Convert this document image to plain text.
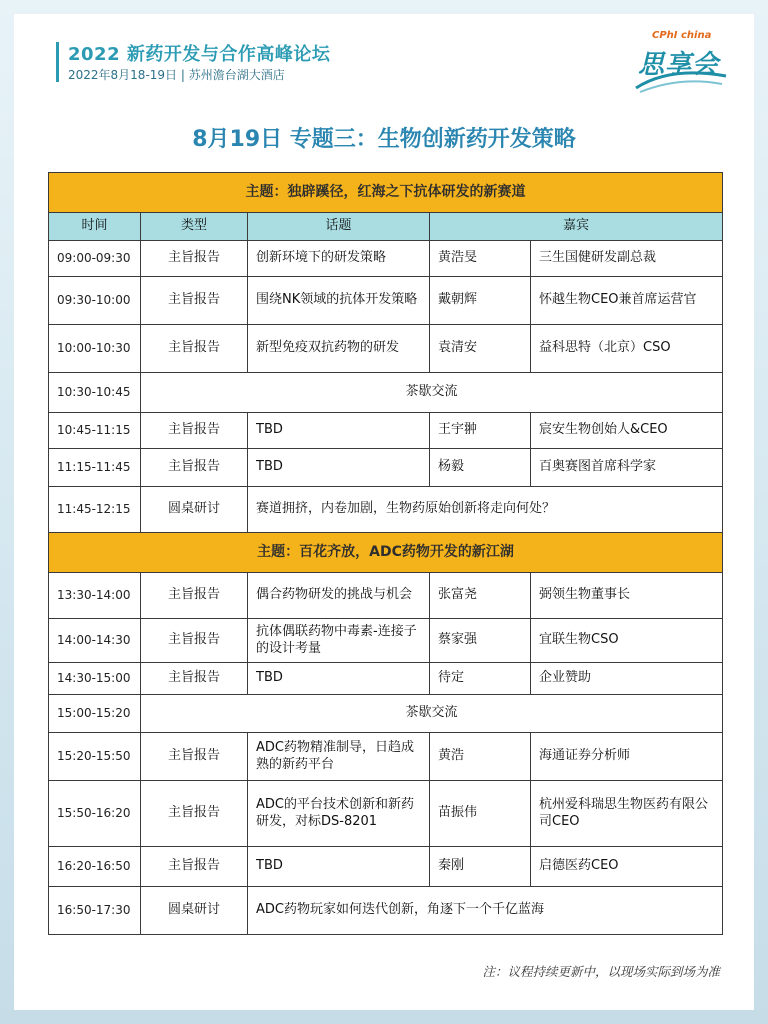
2022 新药开发与合作高峰论坛
2022年8月18-19日 | 苏州澹台湖大酒店
CPhI china
思享会
8月19日 专题三：生物创新药开发策略
主题：独辟蹊径，红海之下抗体研发的新赛道				
时间	类型	话题	嘉宾	
09:00-09:30	主旨报告	创新环境下的研发策略	黄浩旻	三生国健研发副总裁
09:30-10:00	主旨报告	围绕NK领域的抗体开发策略	戴朝辉	怀越生物CEO兼首席运营官
10:00-10:30	主旨报告	新型免疫双抗药物的研发	袁清安	益科思特（北京）CSO
10:30-10:45	茶歇交流			
10:45-11:15	主旨报告	TBD	王宇翀	宸安生物创始人&CEO
11:15-11:45	主旨报告	TBD	杨毅	百奥赛图首席科学家
11:45-12:15	圆桌研讨	赛道拥挤，内卷加剧，生物药原始创新将走向何处？		
主题：百花齐放，ADC药物开发的新江湖				
13:30-14:00	主旨报告	偶合药物研发的挑战与机会	张富尧	弼领生物董事长
14:00-14:30	主旨报告	抗体偶联药物中毒素-连接子的设计考量	蔡家强	宜联生物CSO
14:30-15:00	主旨报告	TBD	待定	企业赞助
15:00-15:20	茶歇交流			
15:20-15:50	主旨报告	ADC药物精准制导，日趋成熟的新药平台	黄浩	海通证券分析师
15:50-16:20	主旨报告	ADC的平台技术创新和新药研发，对标DS-8201	苗振伟	杭州爱科瑞思生物医药有限公司CEO
16:20-16:50	主旨报告	TBD	秦刚	启德医药CEO
16:50-17:30	圆桌研讨	ADC药物玩家如何迭代创新，角逐下一个千亿蓝海		
注：议程持续更新中，以现场实际到场为准
